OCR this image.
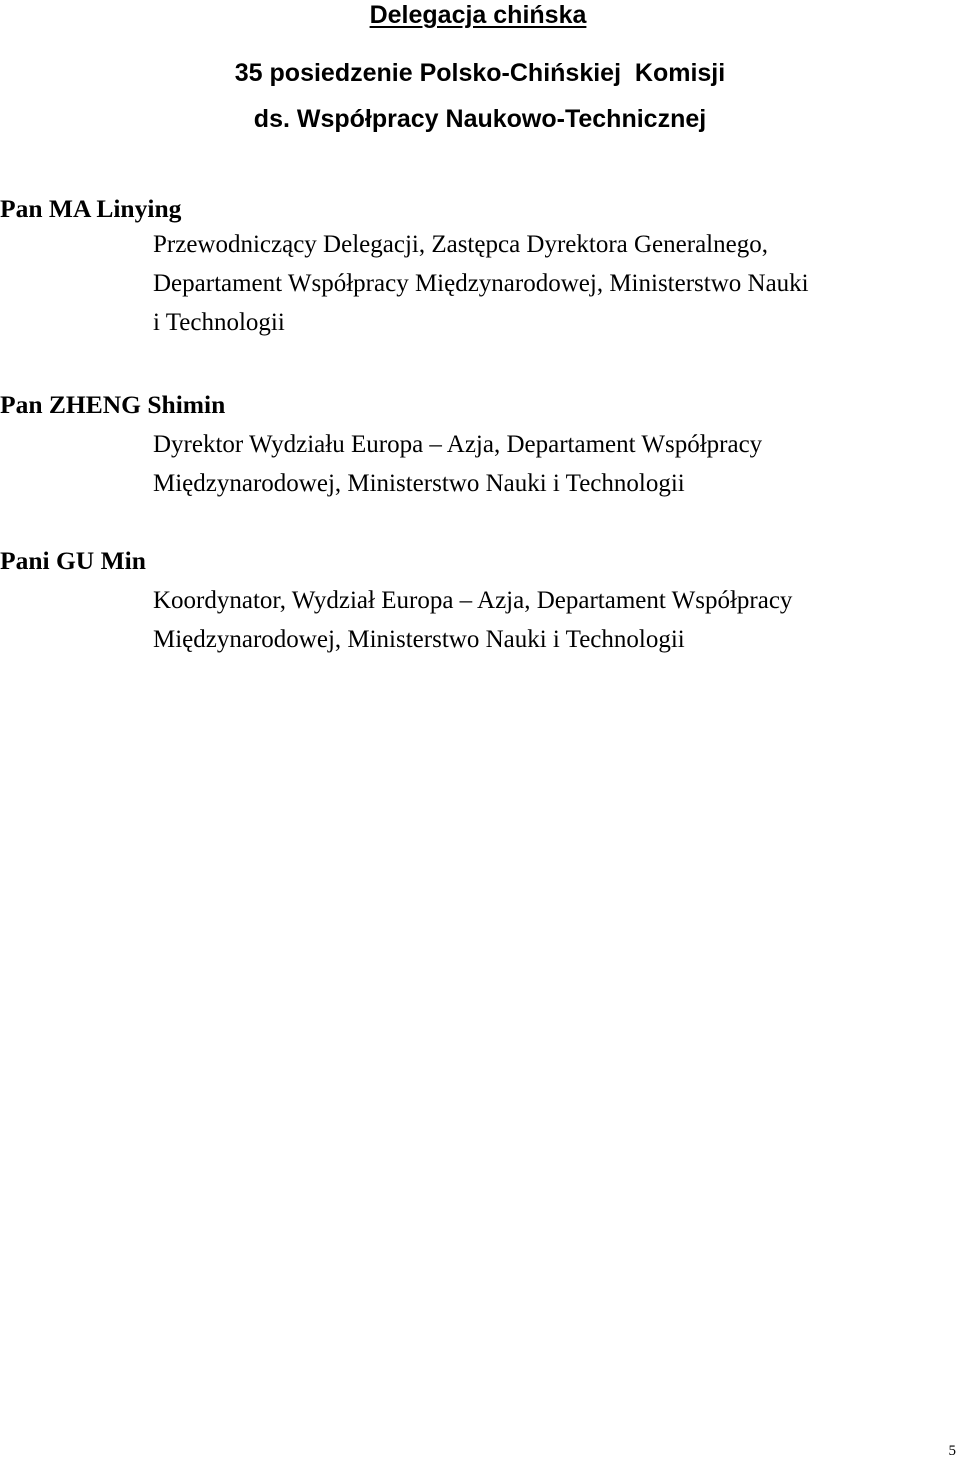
Delegacja chińska
35 posiedzenie Polsko-Chińskiej  Komisji
ds. Współpracy Naukowo-Technicznej
Pan MA Linying
Przewodniczący Delegacji, Zastępca Dyrektora Generalnego,
Departament Współpracy Międzynarodowej, Ministerstwo Nauki
i Technologii
Pan ZHENG Shimin
Dyrektor Wydziału Europa – Azja, Departament Współpracy
Międzynarodowej, Ministerstwo Nauki i Technologii
Pani GU Min
Koordynator, Wydział Europa – Azja, Departament Współpracy
Międzynarodowej, Ministerstwo Nauki i Technologii
5
